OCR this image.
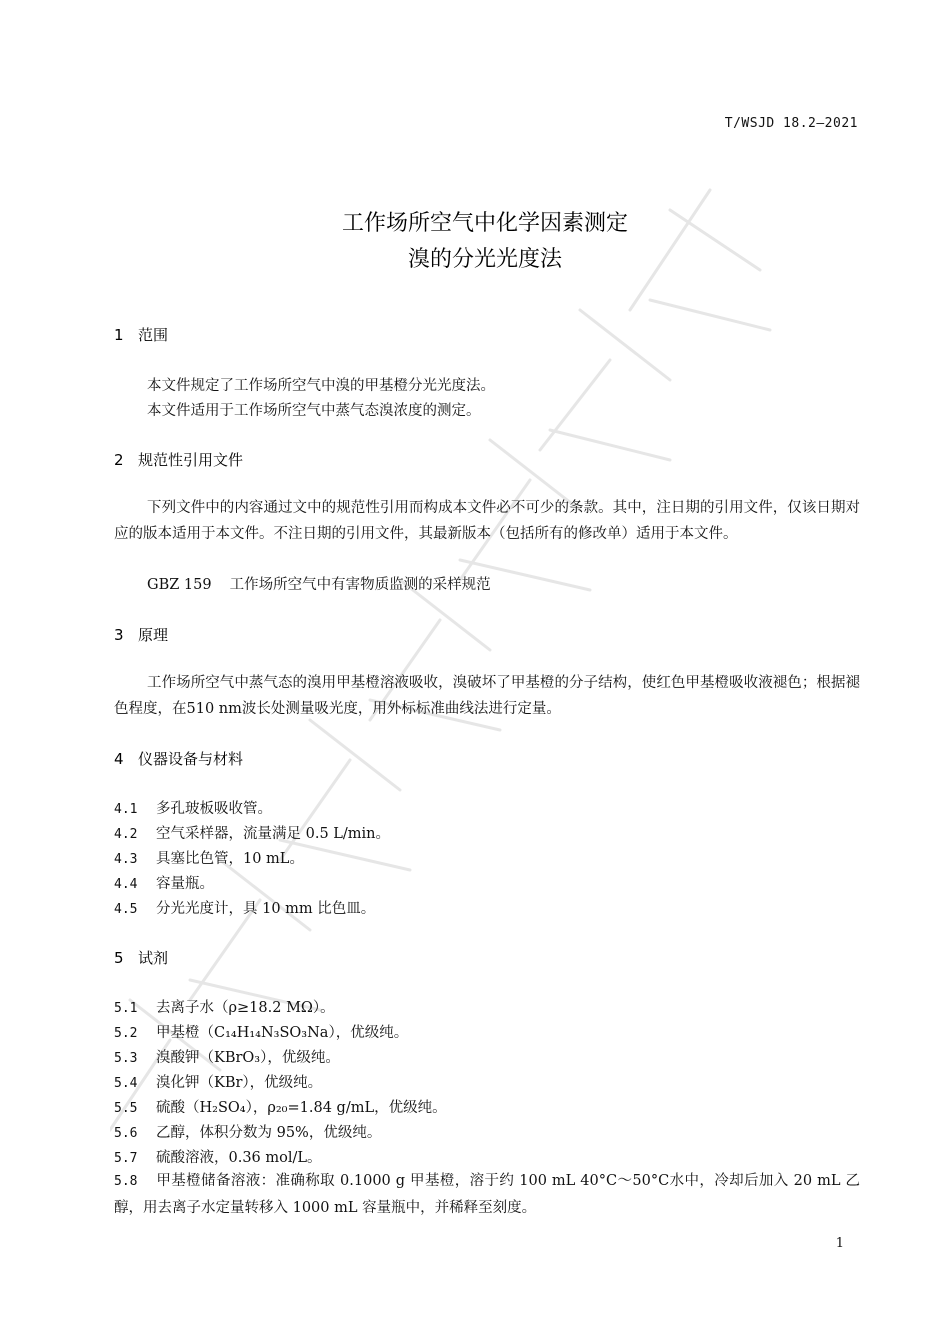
T/WSJD 18.2—2021
工作场所空气中化学因素测定
溴的分光光度法
1 范围
本文件规定了工作场所空气中溴的甲基橙分光光度法。
本文件适用于工作场所空气中蒸气态溴浓度的测定。
2 规范性引用文件
下列文件中的内容通过文中的规范性引用而构成本文件必不可少的条款。其中，注日期的引用文件，仅该日期对应的版本适用于本文件。不注日期的引用文件，其最新版本（包括所有的修改单）适用于本文件。
GBZ 159 工作场所空气中有害物质监测的采样规范
3 原理
工作场所空气中蒸气态的溴用甲基橙溶液吸收，溴破坏了甲基橙的分子结构，使红色甲基橙吸收液褪色；根据褪色程度，在510 nm波长处测量吸光度，用外标标准曲线法进行定量。
4 仪器设备与材料
4.1 多孔玻板吸收管。
4.2 空气采样器，流量满足 0.5 L/min。
4.3 具塞比色管，10 mL。
4.4 容量瓶。
4.5 分光光度计，具 10 mm 比色皿。
5 试剂
5.1 去离子水（ρ≥18.2 MΩ）。
5.2 甲基橙（C₁₄H₁₄N₃SO₃Na），优级纯。
5.3 溴酸钾（KBrO₃），优级纯。
5.4 溴化钾（KBr），优级纯。
5.5 硫酸（H₂SO₄），ρ₂₀=1.84 g/mL，优级纯。
5.6 乙醇，体积分数为 95%，优级纯。
5.7 硫酸溶液，0.36 mol/L。
5.8 甲基橙储备溶液：准确称取 0.1000 g 甲基橙，溶于约 100 mL 40°C～50°C水中，冷却后加入 20 mL 乙醇，用去离子水定量转移入 1000 mL 容量瓶中，并稀释至刻度。
1
